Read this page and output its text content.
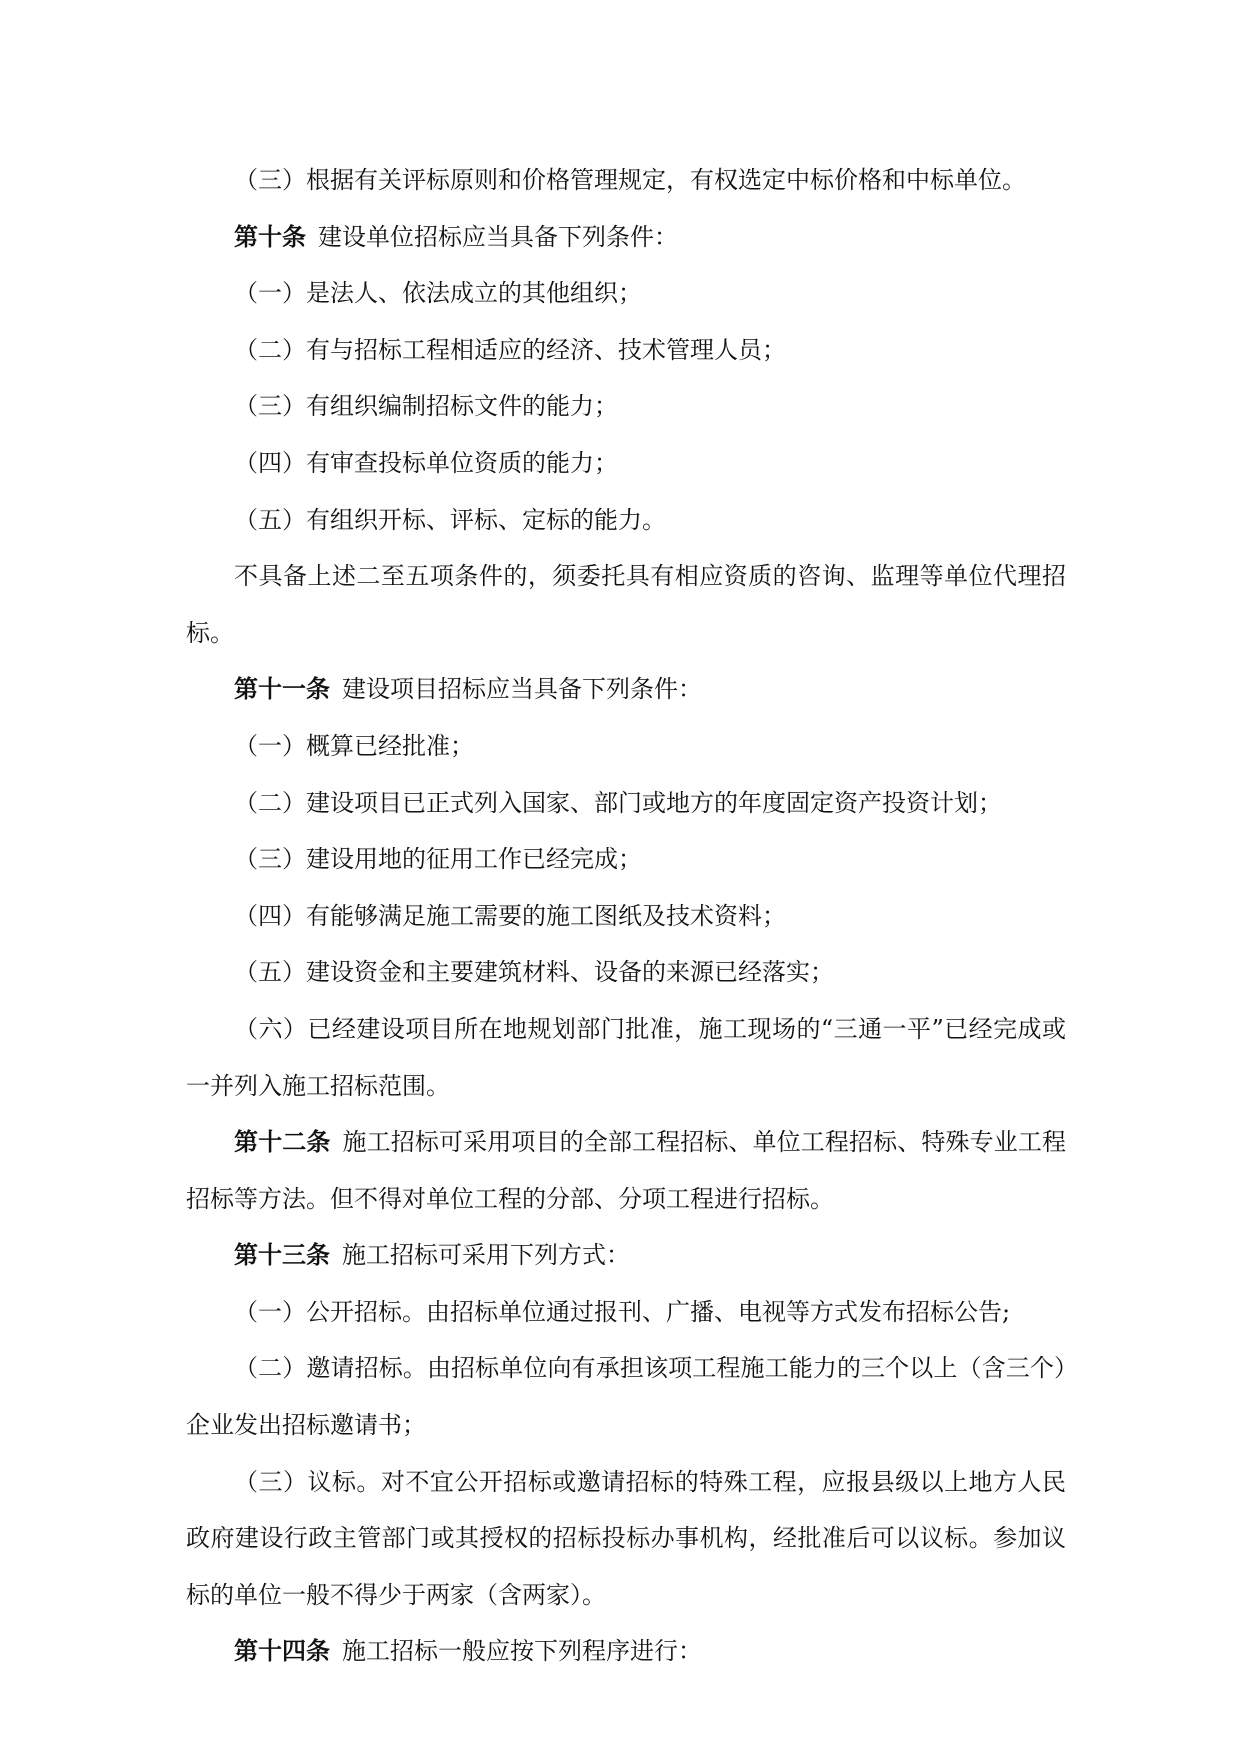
（三）根据有关评标原则和价格管理规定，有权选定中标价格和中标单位。

第十条 建设单位招标应当具备下列条件：

（一）是法人、依法成立的其他组织；

（二）有与招标工程相适应的经济、技术管理人员；

（三）有组织编制招标文件的能力；

（四）有审查投标单位资质的能力；

（五）有组织开标、评标、定标的能力。

不具备上述二至五项条件的，须委托具有相应资质的咨询、监理等单位代理招标。

第十一条 建设项目招标应当具备下列条件：

（一）概算已经批准；

（二）建设项目已正式列入国家、部门或地方的年度固定资产投资计划；

（三）建设用地的征用工作已经完成；

（四）有能够满足施工需要的施工图纸及技术资料；

（五）建设资金和主要建筑材料、设备的来源已经落实；

（六）已经建设项目所在地规划部门批准，施工现场的“三通一平”已经完成或一并列入施工招标范围。

第十二条 施工招标可采用项目的全部工程招标、单位工程招标、特殊专业工程招标等方法。但不得对单位工程的分部、分项工程进行招标。

第十三条 施工招标可采用下列方式：

（一）公开招标。由招标单位通过报刊、广播、电视等方式发布招标公告;

（二）邀请招标。由招标单位向有承担该项工程施工能力的三个以上（含三个）企业发出招标邀请书；

（三）议标。对不宜公开招标或邀请招标的特殊工程，应报县级以上地方人民政府建设行政主管部门或其授权的招标投标办事机构，经批准后可以议标。参加议标的单位一般不得少于两家（含两家）。

第十四条 施工招标一般应按下列程序进行：
